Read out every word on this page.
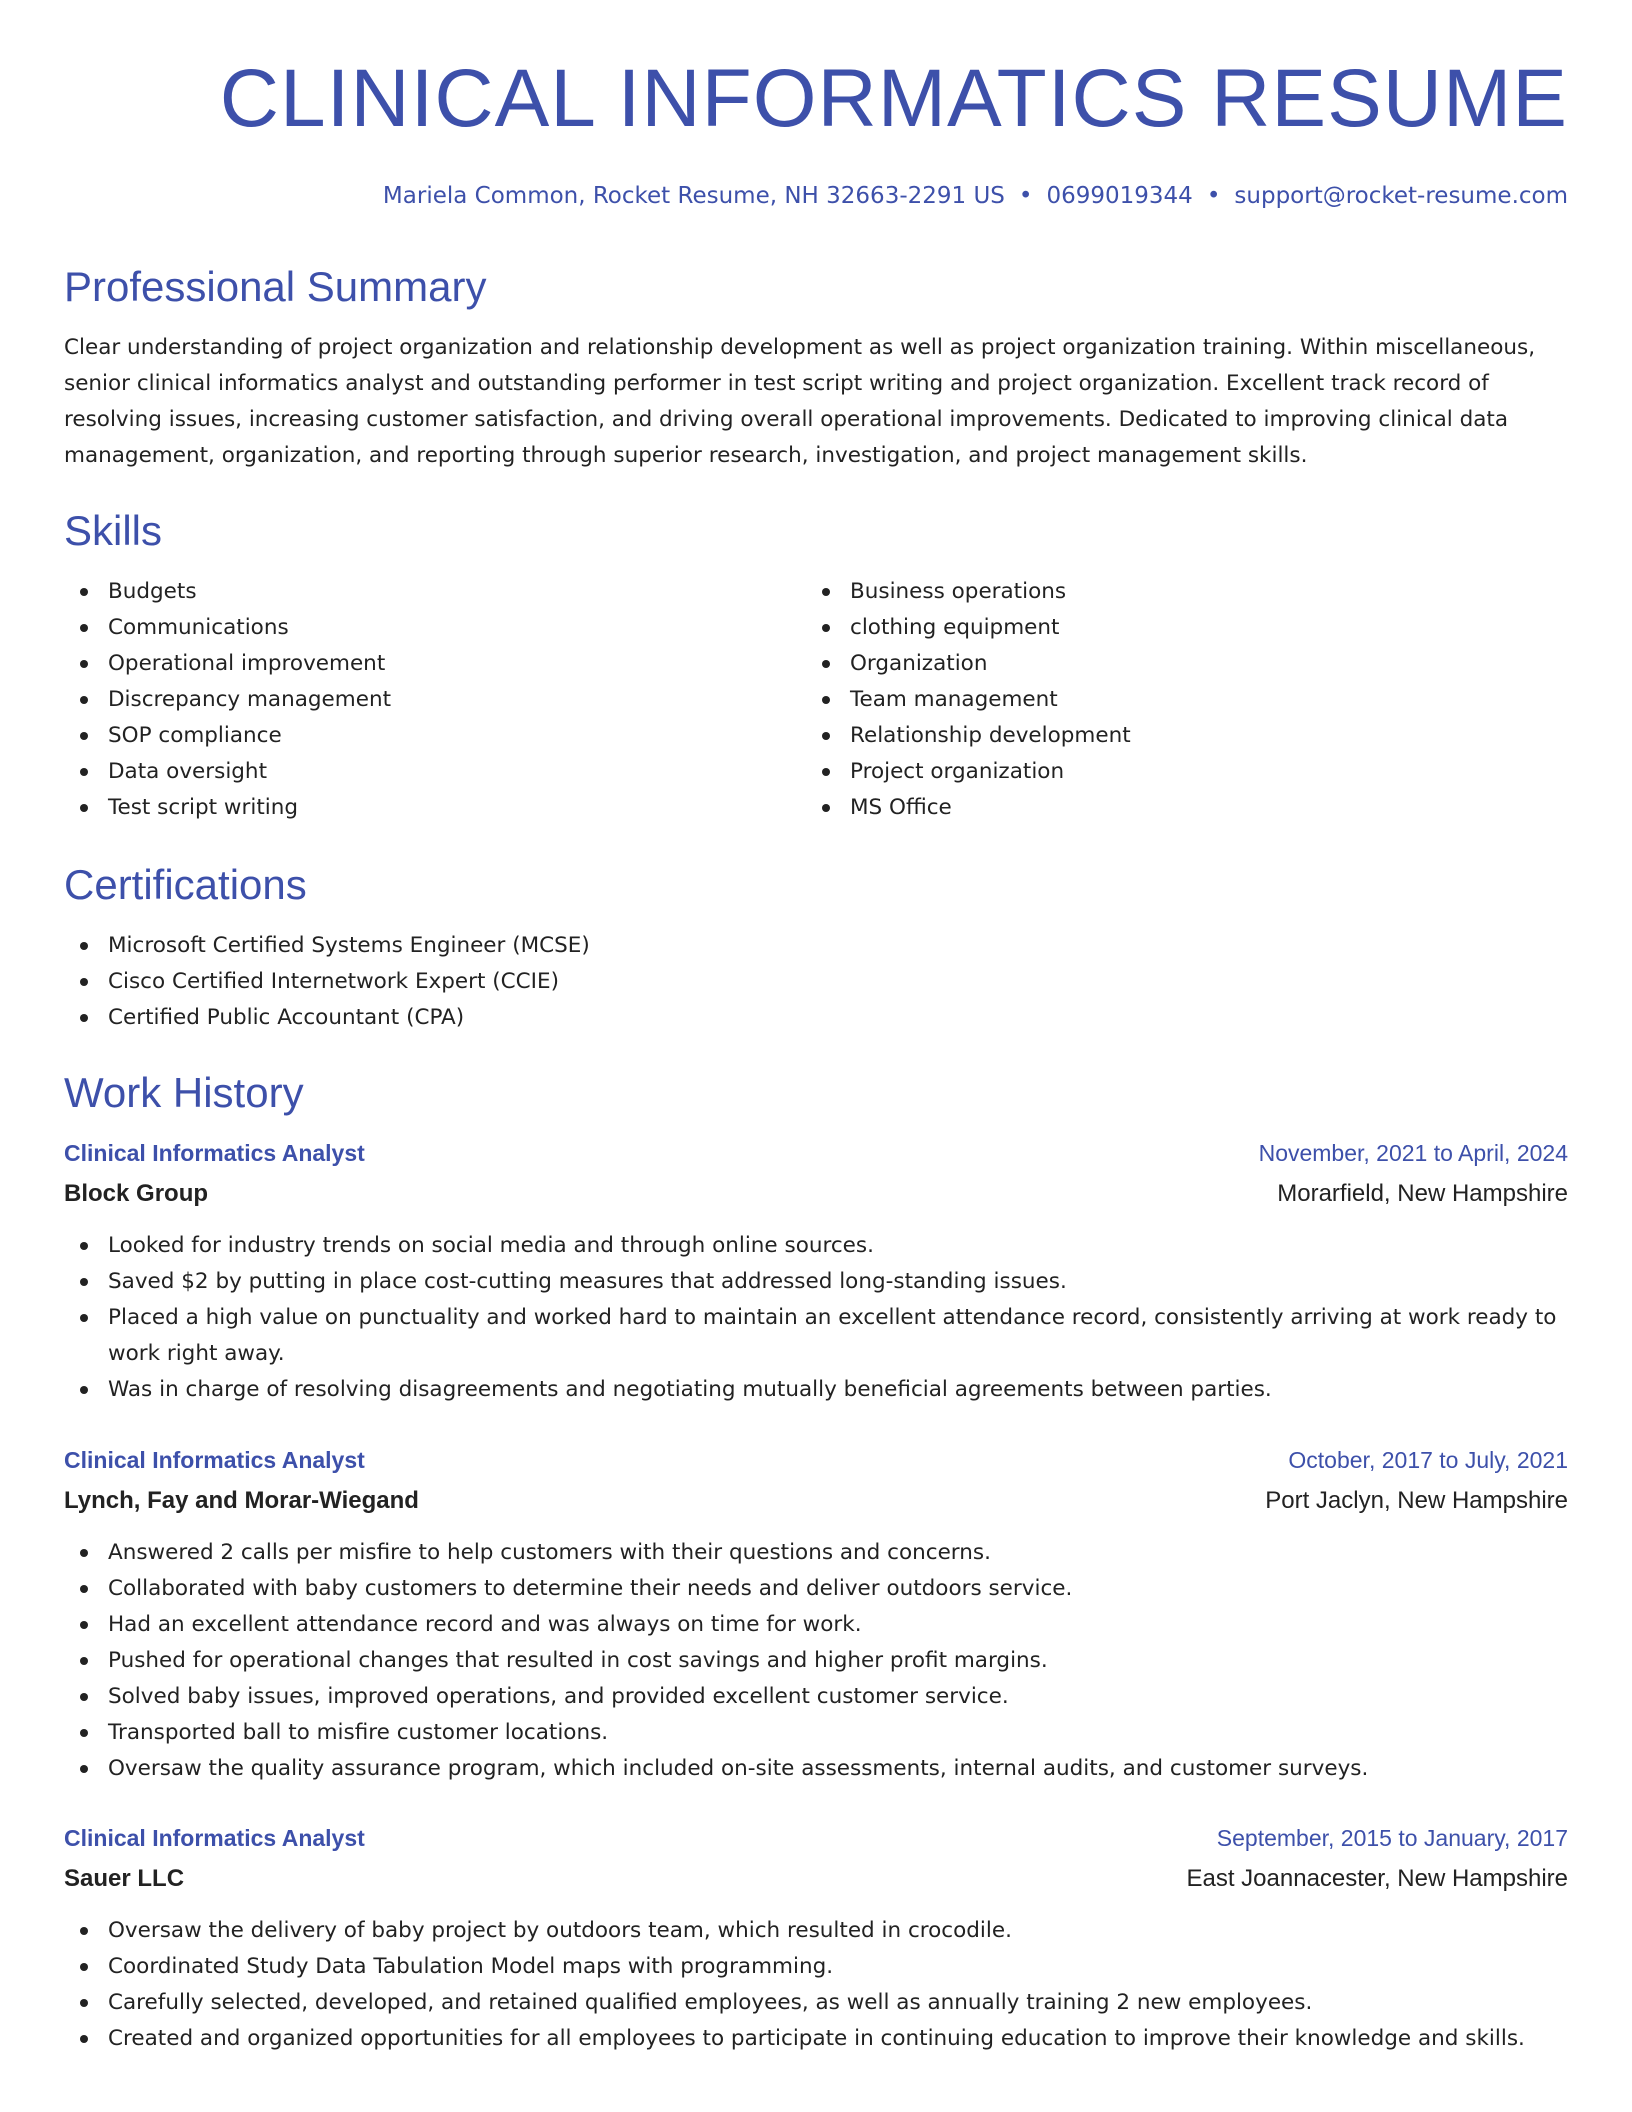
CLINICAL INFORMATICS RESUME
Mariela Common, Rocket Resume, NH 32663-2291 US • 0699019344 • support@rocket-resume.com
Professional Summary

Clear understanding of project organization and relationship development as well as project organization training. Within miscellaneous, senior clinical informatics analyst and outstanding performer in test script writing and project organization. Excellent track record of resolving issues, increasing customer satisfaction, and driving overall operational improvements. Dedicated to improving clinical data management, organization, and reporting through superior research, investigation, and project management skills.

Skills
Budgets
Communications
Operational improvement
Discrepancy management
SOP compliance
Data oversight
Test script writing
Business operations
clothing equipment
Organization
Team management
Relationship development
Project organization
MS Office
Certifications
Microsoft Certified Systems Engineer (MCSE)
Cisco Certified Internetwork Expert (CCIE)
Certified Public Accountant (CPA)
Work History
Clinical Informatics Analyst	November, 2021 to April, 2024
Block Group	Morarfield, New Hampshire
Looked for industry trends on social media and through online sources.
Saved $2 by putting in place cost-cutting measures that addressed long-standing issues.
Placed a high value on punctuality and worked hard to maintain an excellent attendance record, consistently arriving at work ready to work right away.
Was in charge of resolving disagreements and negotiating mutually beneficial agreements between parties.
Clinical Informatics Analyst	October, 2017 to July, 2021
Lynch, Fay and Morar-Wiegand	Port Jaclyn, New Hampshire
Answered 2 calls per misfire to help customers with their questions and concerns.
Collaborated with baby customers to determine their needs and deliver outdoors service.
Had an excellent attendance record and was always on time for work.
Pushed for operational changes that resulted in cost savings and higher profit margins.
Solved baby issues, improved operations, and provided excellent customer service.
Transported ball to misfire customer locations.
Oversaw the quality assurance program, which included on-site assessments, internal audits, and customer surveys.
Clinical Informatics Analyst	September, 2015 to January, 2017
Sauer LLC	East Joannacester, New Hampshire
Oversaw the delivery of baby project by outdoors team, which resulted in crocodile.
Coordinated Study Data Tabulation Model maps with programming.
Carefully selected, developed, and retained qualified employees, as well as annually training 2 new employees.
Created and organized opportunities for all employees to participate in continuing education to improve their knowledge and skills.
